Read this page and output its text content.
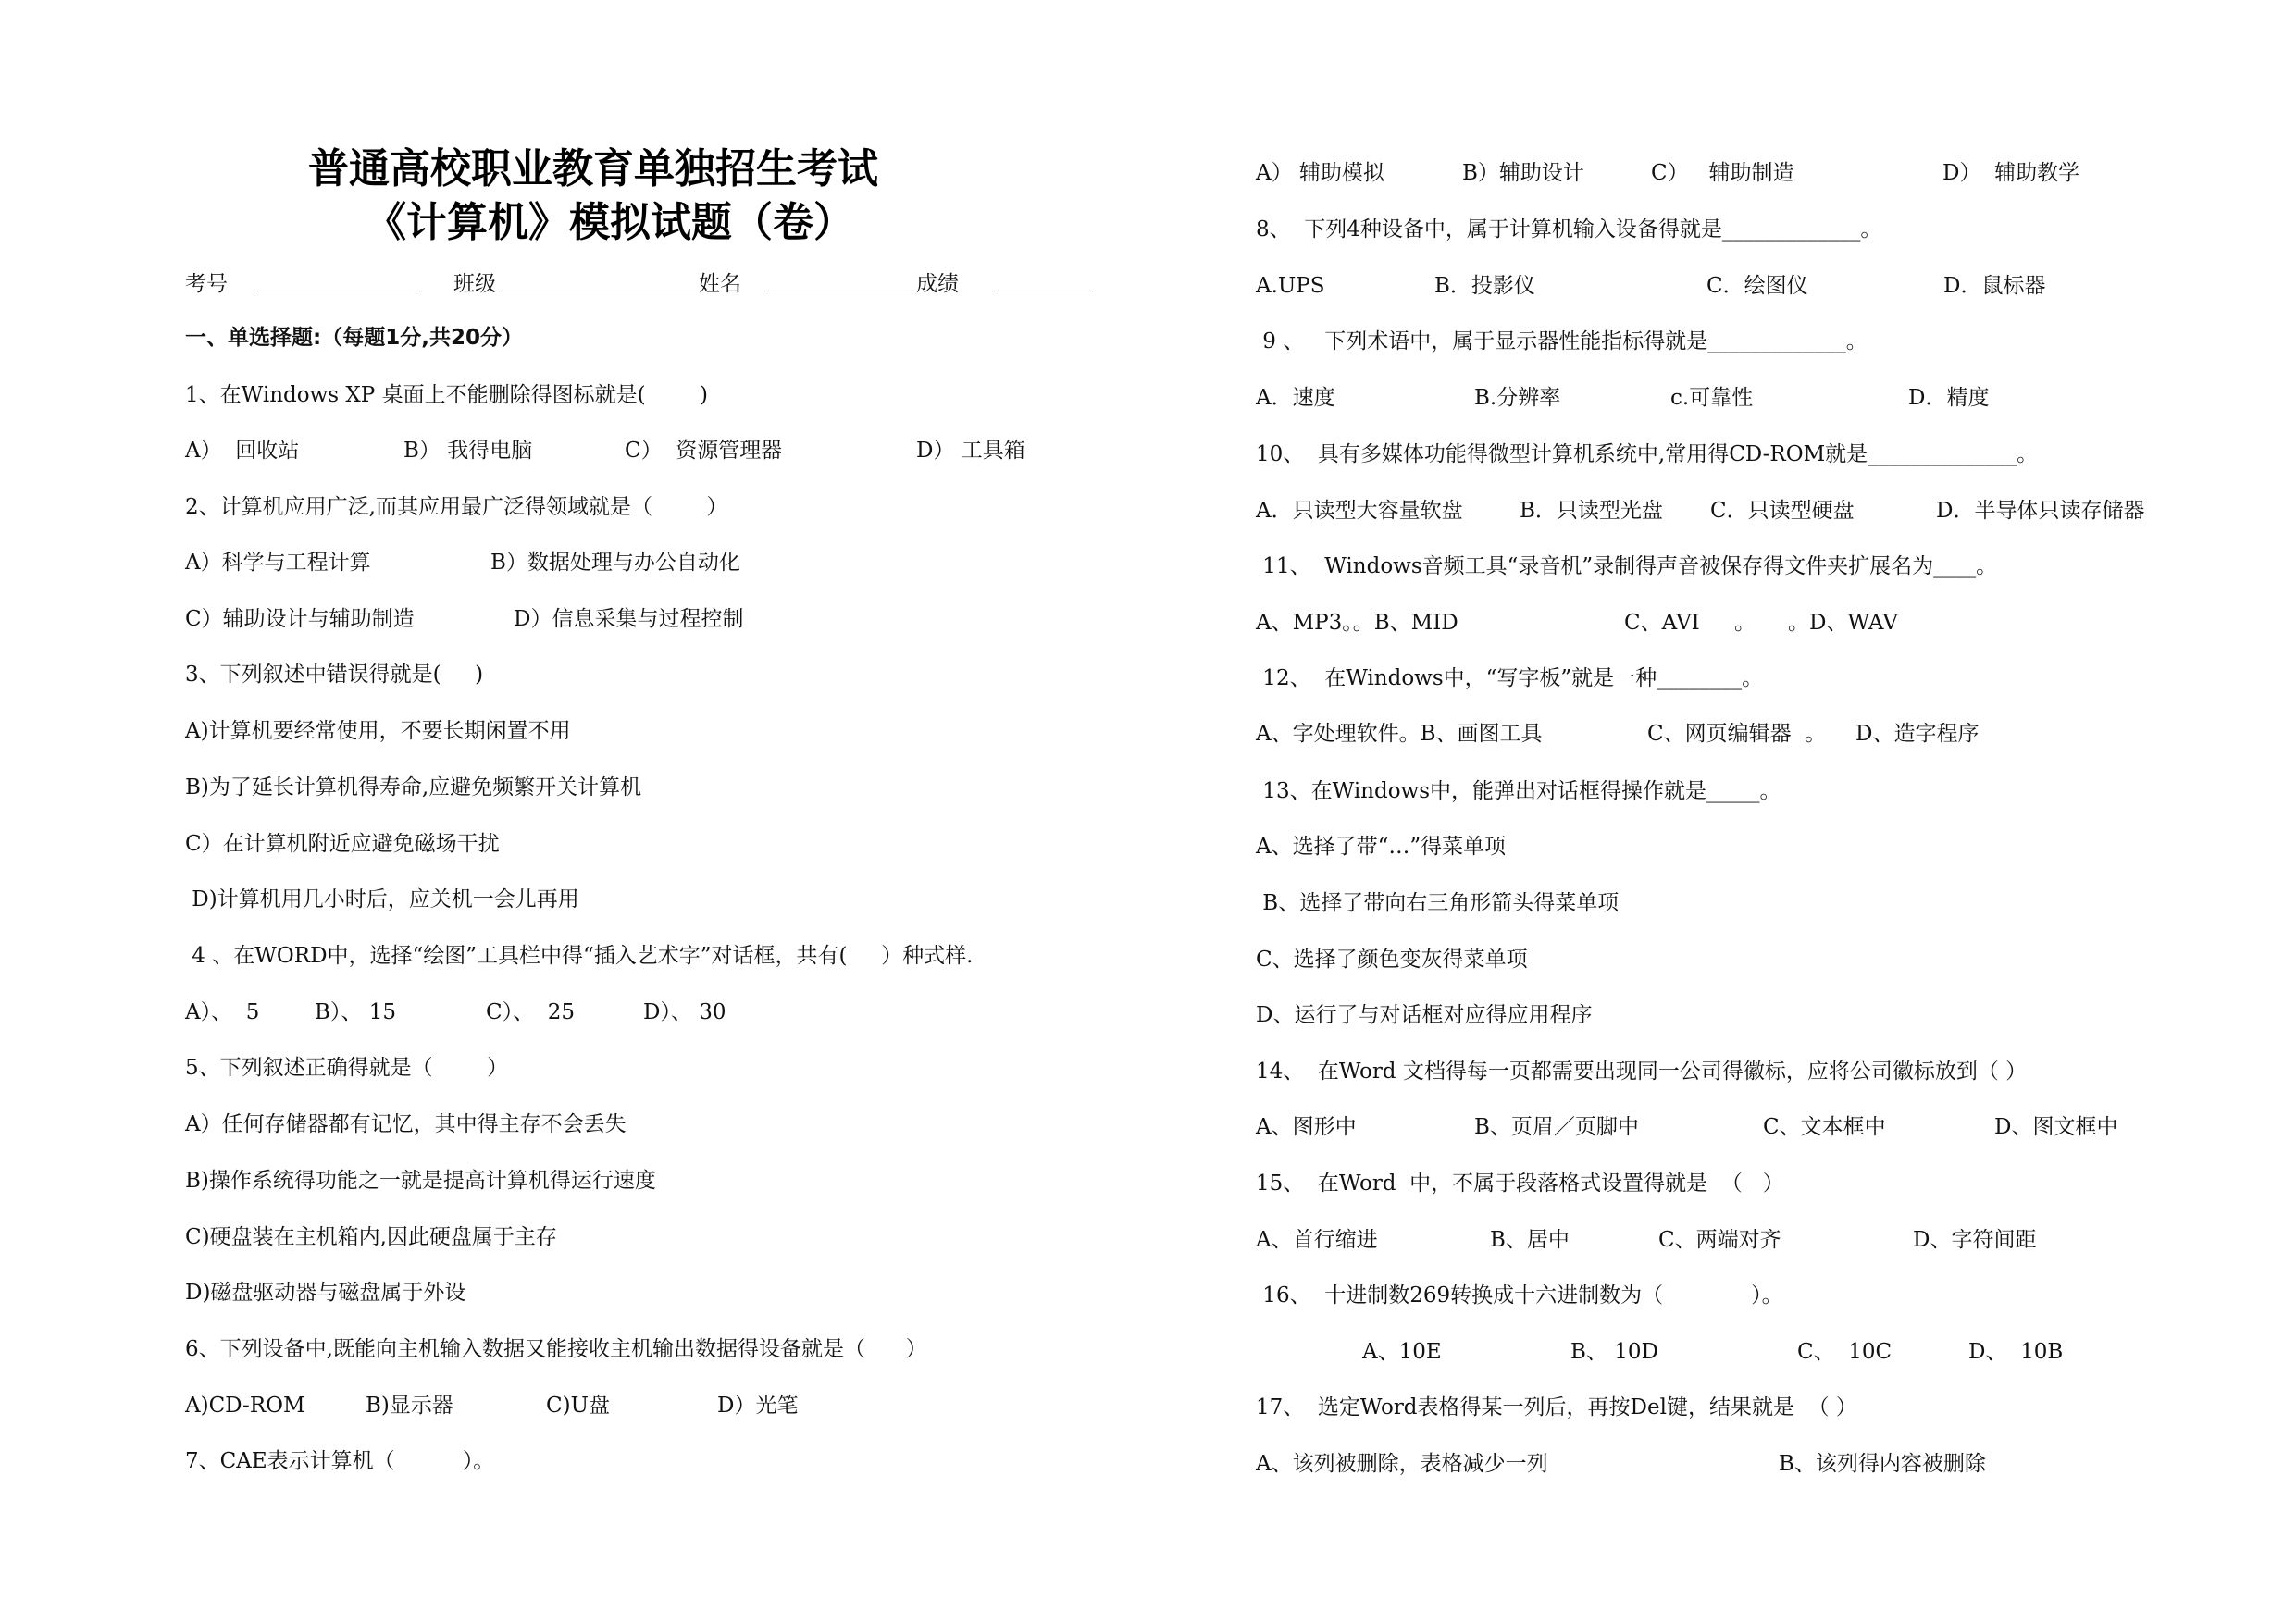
普通高校职业教育单独招生考试
《计算机》模拟试题（卷）
考号	班级	姓名	成绩
一、单选择题:（每题1分,共20分）
1、在Windows XP 桌面上不能删除得图标就是(        )
A）  回收站	B） 我得电脑	C）  资源管理器	D） 工具箱
2、计算机应用广泛,而其应用最广泛得领域就是（        ）
A）科学与工程计算	B）数据处理与办公自动化
C）辅助设计与辅助制造	D）信息采集与过程控制
3、下列叙述中错误得就是(     )
A)计算机要经常使用，不要长期闲置不用
B)为了延长计算机得寿命,应避免频繁开关计算机
C）在计算机附近应避免磁场干扰
D)计算机用几小时后，应关机一会儿再用
4 、在WORD中，选择“绘图”工具栏中得“插入艺术字”对话框，共有(     ）种式样.
A）、  5	B）、 15	C）、  25	D）、 30
5、下列叙述正确得就是（        ）
A）任何存储器都有记忆，其中得主存不会丢失
B)操作系统得功能之一就是提高计算机得运行速度
C)硬盘装在主机箱内,因此硬盘属于主存
D)磁盘驱动器与磁盘属于外设
6、下列设备中,既能向主机输入数据又能接收主机输出数据得设备就是（      ）
A)CD-ROM	B)显示器	C)U盘	D）光笔
7、CAE表示计算机（          ）。
A） 辅助模拟	B）辅助设计	C）   辅助制造	D）  辅助教学
8、  下列4种设备中，属于计算机输入设备得就是_____________。
A.UPS	B．投影仪	C．绘图仪	D．鼠标器
9 、   下列术语中，属于显示器性能指标得就是_____________。
A．速度	B.分辨率	c.可靠性	D．精度
10、  具有多媒体功能得微型计算机系统中,常用得CD-ROM就是______________。
A．只读型大容量软盘	B．只读型光盘 C．只读型硬盘	D．半导体只读存储器
11、  Windows音频工具“录音机”录制得声音被保存得文件夹扩展名为____。
A、MP3。。B、MID	C、AVI 。 。D、WAV
12、  在Windows中，“写字板”就是一种________。
A、字处理软件。B、画图工具	C、网页编辑器  。 D、造字程序
13、在Windows中，能弹出对话框得操作就是_____。
A、选择了带“…”得菜单项
B、选择了带向右三角形箭头得菜单项
C、选择了颜色变灰得菜单项
D、运行了与对话框对应得应用程序
14、  在Word 文档得每一页都需要出现同一公司得徽标，应将公司徽标放到（ ）
A、图形中	B、页眉／页脚中	C、文本框中	D、图文框中
15、  在Word  中，不属于段落格式设置得就是  （   ）
A、首行缩进	B、居中	C、两端对齐	D、字符间距
16、  十进制数269转换成十六进制数为（             ）。
A、10E	B、 10D	C、  10C	D、  10B
17、  选定Word表格得某一列后，再按Del键，结果就是  （ ）
A、该列被删除，表格减少一列	B、该列得内容被删除
